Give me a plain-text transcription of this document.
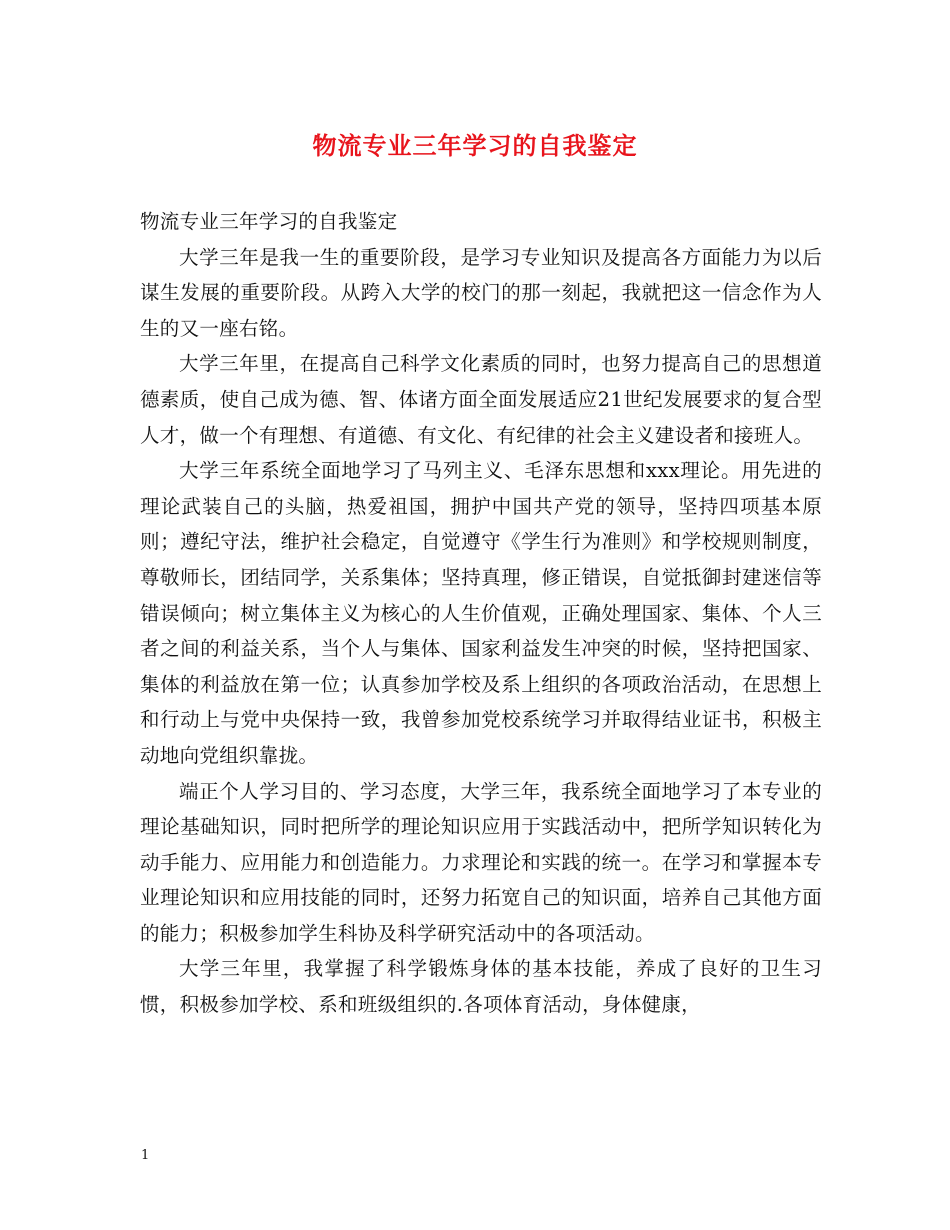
物流专业三年学习的自我鉴定

物流专业三年学习的自我鉴定

大学三年是我一生的重要阶段，是学习专业知识及提高各方面能力为以后谋生发展的重要阶段。从跨入大学的校门的那一刻起，我就把这一信念作为人生的又一座右铭。

大学三年里，在提高自己科学文化素质的同时，也努力提高自己的思想道德素质，使自己成为德、智、体诸方面全面发展适应21世纪发展要求的复合型人才，做一个有理想、有道德、有文化、有纪律的社会主义建设者和接班人。

大学三年系统全面地学习了马列主义、毛泽东思想和xxx理论。用先进的理论武装自己的头脑，热爱祖国，拥护中国共产党的领导，坚持四项基本原则；遵纪守法，维护社会稳定，自觉遵守《学生行为准则》和学校规则制度，尊敬师长，团结同学，关系集体；坚持真理，修正错误，自觉抵御封建迷信等错误倾向；树立集体主义为核心的人生价值观，正确处理国家、集体、个人三者之间的利益关系，当个人与集体、国家利益发生冲突的时候，坚持把国家、集体的利益放在第一位；认真参加学校及系上组织的各项政治活动，在思想上和行动上与党中央保持一致，我曾参加党校系统学习并取得结业证书，积极主动地向党组织靠拢。

端正个人学习目的、学习态度，大学三年，我系统全面地学习了本专业的理论基础知识，同时把所学的理论知识应用于实践活动中，把所学知识转化为动手能力、应用能力和创造能力。力求理论和实践的统一。在学习和掌握本专业理论知识和应用技能的同时，还努力拓宽自己的知识面，培养自己其他方面的能力；积极参加学生科协及科学研究活动中的各项活动。

大学三年里，我掌握了科学锻炼身体的基本技能，养成了良好的卫生习惯，积极参加学校、系和班级组织的.各项体育活动，身体健康，

1
